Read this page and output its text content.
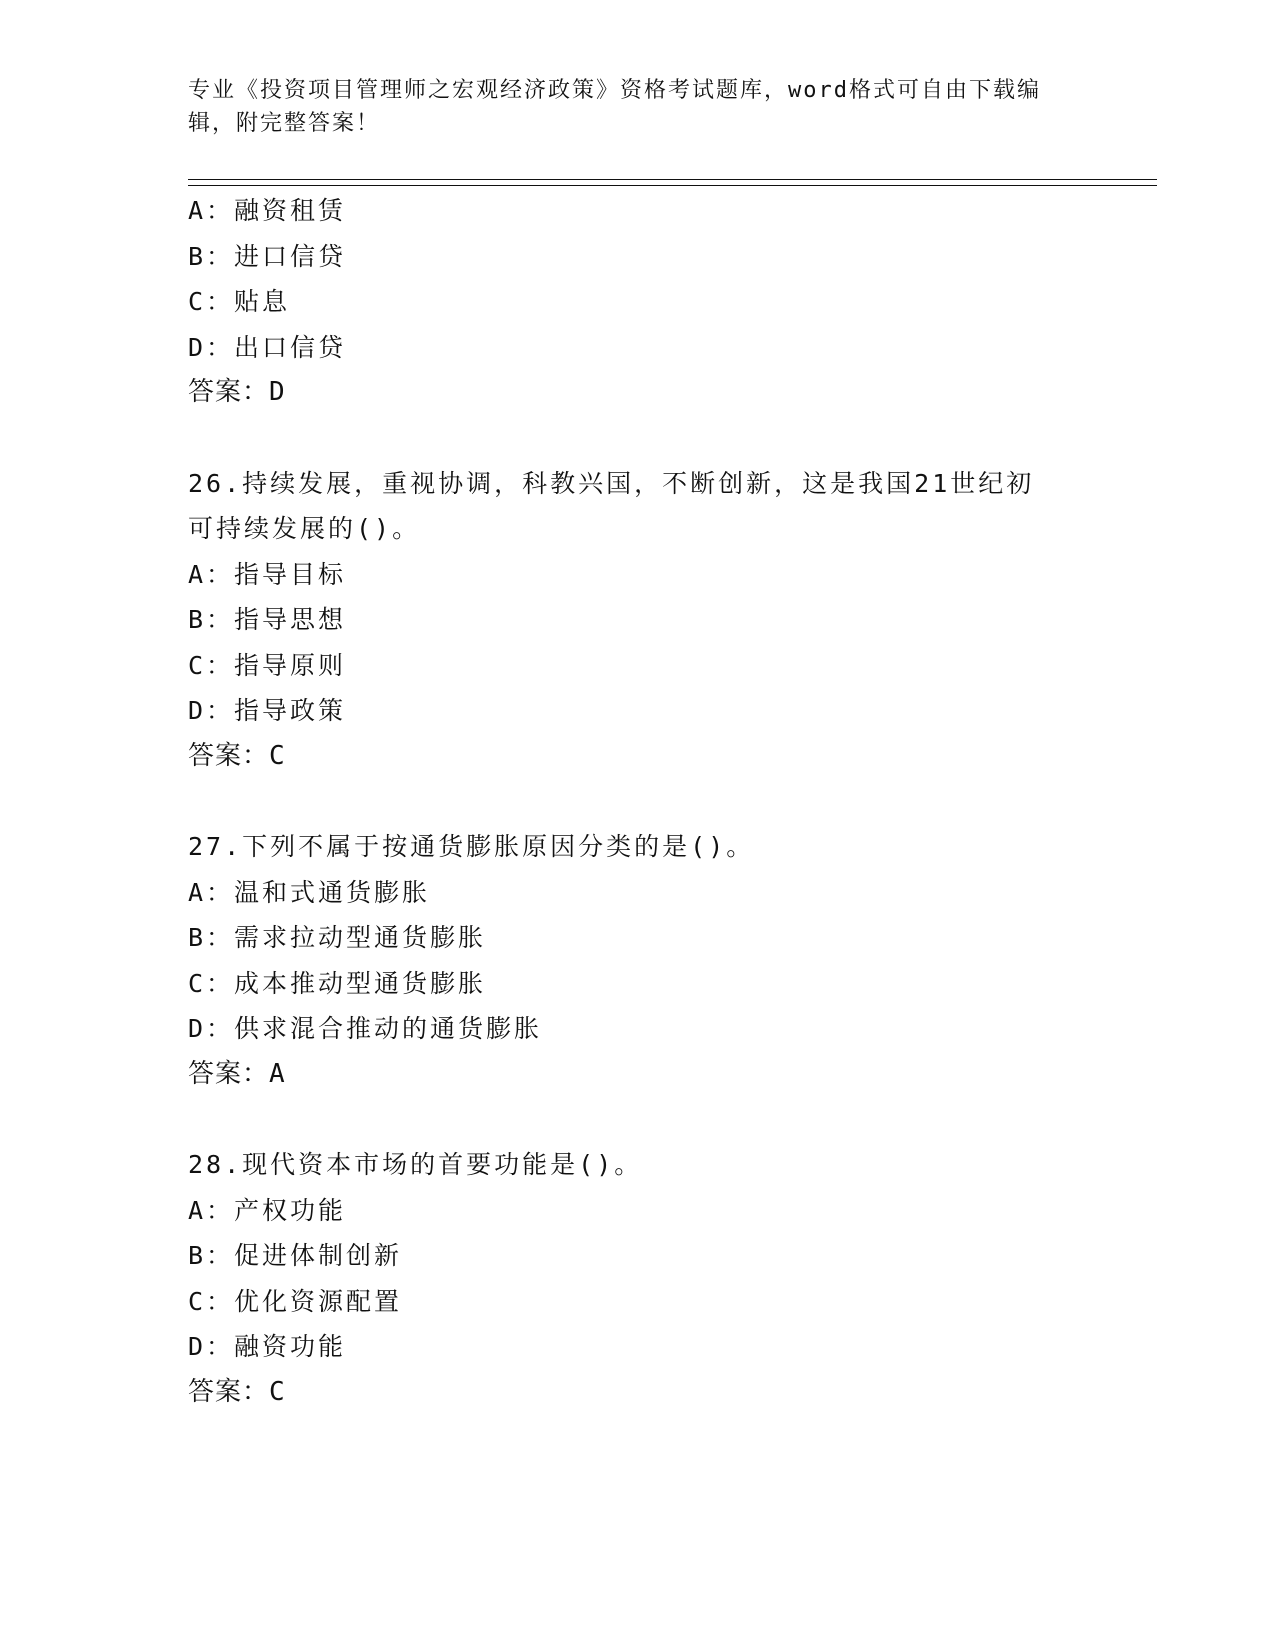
专业《投资项目管理师之宏观经济政策》资格考试题库，word格式可自由下载编
辑，附完整答案！
A：融资租赁
B：进口信贷
C：贴息
D：出口信贷
答案：D
26.持续发展，重视协调，科教兴国，不断创新，这是我国21世纪初
可持续发展的()。
A：指导目标
B：指导思想
C：指导原则
D：指导政策
答案：C
27.下列不属于按通货膨胀原因分类的是()。
A：温和式通货膨胀
B：需求拉动型通货膨胀
C：成本推动型通货膨胀
D：供求混合推动的通货膨胀
答案：A
28.现代资本市场的首要功能是()。
A：产权功能
B：促进体制创新
C：优化资源配置
D：融资功能
答案：C
